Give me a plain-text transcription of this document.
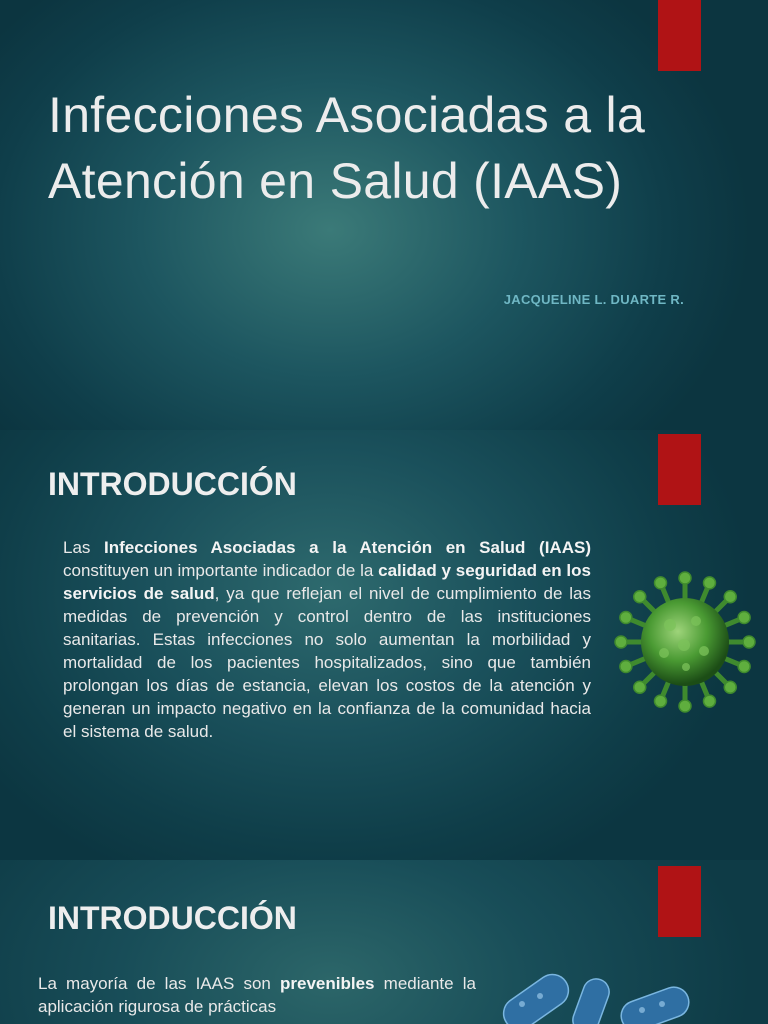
Infecciones Asociadas a la Atención en Salud (IAAS)

JACQUELINE L. DUARTE R.

INTRODUCCIÓN

Las Infecciones Asociadas a la Atención en Salud (IAAS) constituyen un importante indicador de la calidad y seguridad en los servicios de salud, ya que reflejan el nivel de cumplimiento de las medidas de prevención y control dentro de las instituciones sanitarias. Estas infecciones no solo aumentan la morbilidad y mortalidad de los pacientes hospitalizados, sino que también prolongan los días de estancia, elevan los costos de la atención y generan un impacto negativo en la confianza de la comunidad hacia el sistema de salud.

INTRODUCCIÓN

La mayoría de las IAAS son prevenibles mediante la aplicación rigurosa de prácticas
